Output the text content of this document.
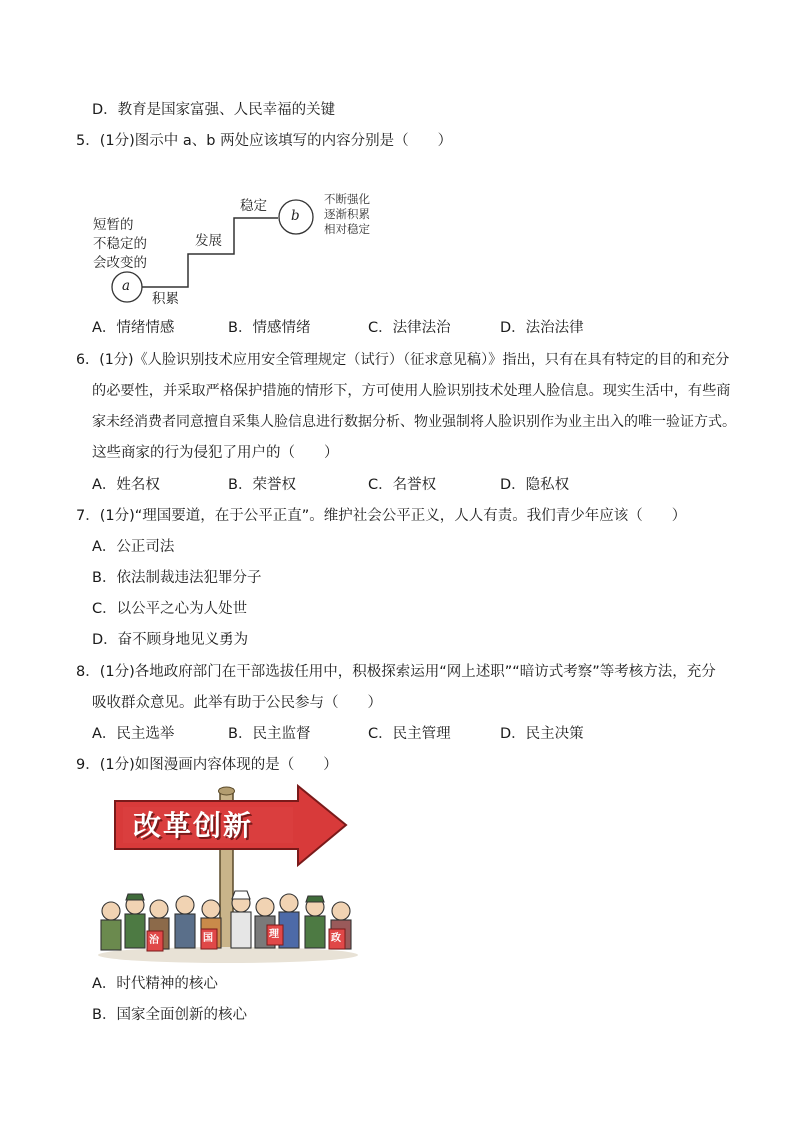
D．教育是国家富强、人民幸福的关键
5．(1分)图示中 a、b 两处应该填写的内容分别是（　　）
a
b
积累
发展
稳定
短暂的
不稳定的
会改变的
不断强化
逐渐积累
相对稳定
A．情绪情感	B．情感情绪	C．法律法治	D．法治法律
6．(1分)《人脸识别技术应用安全管理规定（试行）（征求意见稿）》指出，只有在具有特定的目的和充分
的必要性，并采取严格保护措施的情形下，方可使用人脸识别技术处理人脸信息。现实生活中，有些商
家未经消费者同意擅自采集人脸信息进行数据分析、物业强制将人脸识别作为业主出入的唯一验证方式。
这些商家的行为侵犯了用户的（　　）
A．姓名权	B．荣誉权	C．名誉权	D．隐私权
7．(1分)“理国要道，在于公平正直”。维护社会公平正义，人人有责。我们青少年应该（　　）
A．公正司法
B．依法制裁违法犯罪分子
C．以公平之心为人处世
D．奋不顾身地见义勇为
8．(1分)各地政府部门在干部选拔任用中，积极探索运用“网上述职”“暗访式考察”等考核方法，充分
吸收群众意见。此举有助于公民参与（　　）
A．民主选举	B．民主监督	C．民主管理	D．民主决策
9．(1分)如图漫画内容体现的是（　　）
改革创新
治	国	理	政
A．时代精神的核心
B．国家全面创新的核心
